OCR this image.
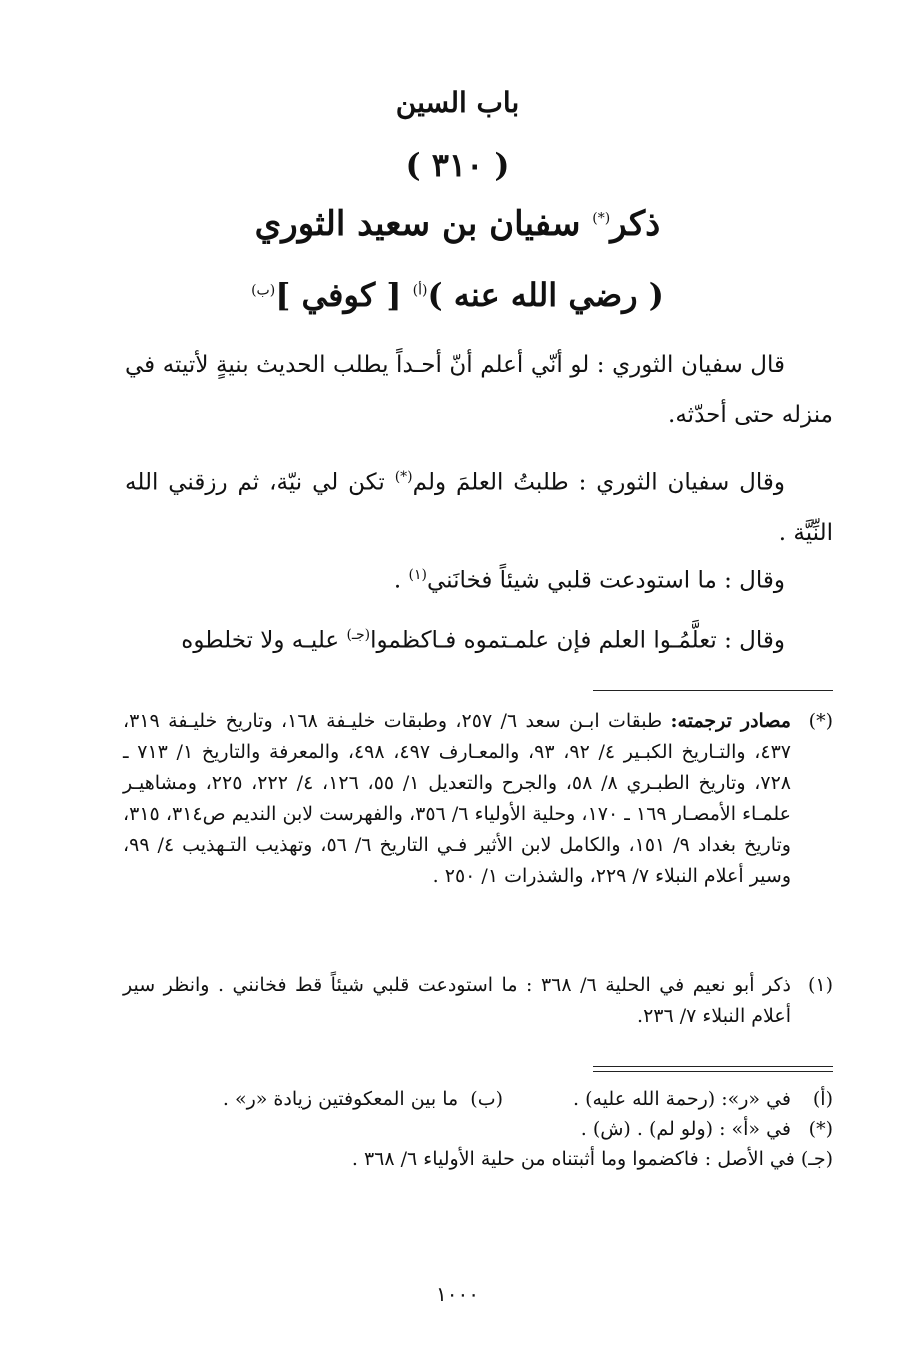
باب السين
( ٣١٠ )
ذكر(*) سفيان بن سعيد الثوري
( رضي الله عنه )$^{(أ)}$ [ كوفي ]$^{(ب)}$
قال سفيان الثوري : لو أنّي أعلم أنّ أحـداً يطلب الحديث بنيةٍ لأتيته في منزله حتى أحدّثه.
وقال سفيان الثوري : طلبتُ العلمَ ولم(*) تكن لي نيّة، ثم رزقني الله النِّيَّة .
وقال : ما استودعت قلبي شيئاً فخانَني$^{(١)}$ .
وقال : تعلَّمُـوا العلم فإن علمـتموه فـاكظموا$^{(جـ)}$ عليـه ولا تخلطوه
(*)
مصادر ترجمته: طبقات ابـن سعد ٦/ ٢٥٧، وطبقات خليـفة ١٦٨، وتاريخ خليـفة ٣١٩، ٤٣٧، والتـاريخ الكبـير ٤/ ٩٢، ٩٣، والمعـارف ٤٩٧، ٤٩٨، والمعرفة والتاريخ ١/ ٧١٣ ـ ٧٢٨، وتاريخ الطبـري ٨/ ٥٨، والجرح والتعديل ١/ ٥٥، ١٢٦، ٤/ ٢٢٢، ٢٢٥، ومشاهيـر علمـاء الأمصـار ١٦٩ ـ ١٧٠، وحلية الأولياء ٦/ ٣٥٦، والفهرست لابن النديم ص٣١٤، ٣١٥، وتاريخ بغداد ٩/ ١٥١، والكامل لابن الأثير فـي التاريخ ٦/ ٥٦، وتهذيب التـهذيب ٤/ ٩٩، وسير أعلام النبلاء ٧/ ٢٢٩، والشذرات ١/ ٢٥٠ .
(١)
ذكر أبو نعيم في الحلية ٦/ ٣٦٨ : ما استودعت قلبي شيئاً قط فخانني . وانظر سير أعلام النبلاء ٧/ ٢٣٦.
(أ)
في «ر»: (رحمة الله عليه) .
(ب)

ما بين المعكوفتين زيادة «ر» .
(*)
في «أ» : (ولو لم) . (ش) .
(جـ) في الأصل : فاكضموا وما أثبتناه من حلية الأولياء ٦/ ٣٦٨ .
١٠٠٠
